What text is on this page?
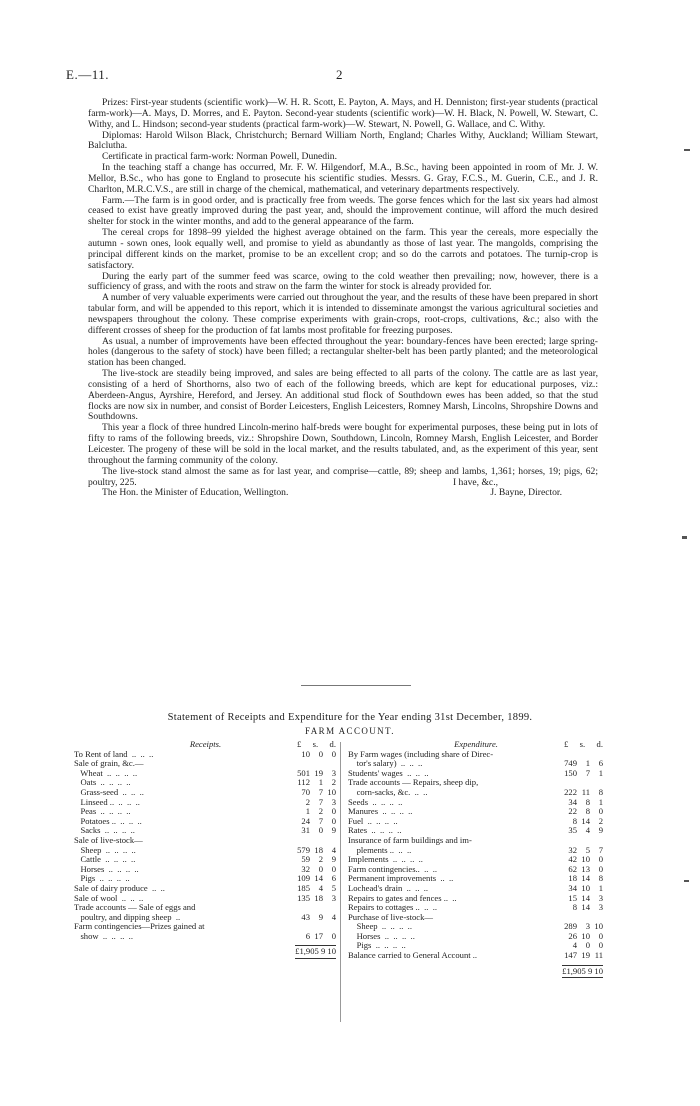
E.—11.	2

Prizes: First-year students (scientific work)—W. H. R. Scott, E. Payton, A. Mays, and H. Denniston; first-year students (practical farm-work)—A. Mays, D. Morres, and E. Payton. Second-year students (scientific work)—W. H. Black, N. Powell, W. Stewart, C. Withy, and L. Hindson; second-year students (practical farm-work)—W. Stewart, N. Powell, G. Wallace, and C. Withy.

Diplomas: Harold Wilson Black, Christchurch; Bernard William North, England; Charles Withy, Auckland; William Stewart, Balclutha.

Certificate in practical farm-work: Norman Powell, Dunedin.

In the teaching staff a change has occurred, Mr. F. W. Hilgendorf, M.A., B.Sc., having been appointed in room of Mr. J. W. Mellor, B.Sc., who has gone to England to prosecute his scientific studies. Messrs. G. Gray, F.C.S., M. Guerin, C.E., and J. R. Charlton, M.R.C.V.S., are still in charge of the chemical, mathematical, and veterinary departments respectively.

Farm.—The farm is in good order, and is practically free from weeds. The gorse fences which for the last six years had almost ceased to exist have greatly improved during the past year, and, should the improvement continue, will afford the much desired shelter for stock in the winter months, and add to the general appearance of the farm.

The cereal crops for 1898–99 yielded the highest average obtained on the farm. This year the cereals, more especially the autumn - sown ones, look equally well, and promise to yield as abundantly as those of last year. The mangolds, comprising the principal different kinds on the market, promise to be an excellent crop; and so do the carrots and potatoes. The turnip-crop is satisfactory.

During the early part of the summer feed was scarce, owing to the cold weather then prevailing; now, however, there is a sufficiency of grass, and with the roots and straw on the farm the winter for stock is already provided for.

A number of very valuable experiments were carried out throughout the year, and the results of these have been prepared in short tabular form, and will be appended to this report, which it is intended to disseminate amongst the various agricultural societies and newspapers throughout the colony. These comprise experiments with grain-crops, root-crops, cultivations, &c.; also with the different crosses of sheep for the production of fat lambs most profitable for freezing purposes.

As usual, a number of improvements have been effected throughout the year: boundary-fences have been erected; large spring-holes (dangerous to the safety of stock) have been filled; a rectangular shelter-belt has been partly planted; and the meteorological station has been changed.

The live-stock are steadily being improved, and sales are being effected to all parts of the colony. The cattle are as last year, consisting of a herd of Shorthorns, also two of each of the following breeds, which are kept for educational purposes, viz.: Aberdeen-Angus, Ayrshire, Hereford, and Jersey. An additional stud flock of Southdown ewes has been added, so that the stud flocks are now six in number, and consist of Border Leicesters, English Leicesters, Romney Marsh, Lincolns, Shropshire Downs and Southdowns.

This year a flock of three hundred Lincoln-merino half-breds were bought for experimental purposes, these being put in lots of fifty to rams of the following breeds, viz.: Shropshire Down, Southdown, Lincoln, Romney Marsh, English Leicester, and Border Leicester. The progeny of these will be sold in the local market, and the results tabulated, and, as the experiment of this year, sent throughout the farming community of the colony.

The live-stock stand almost the same as for last year, and comprise—cattle, 89; sheep and lambs, 1,361; horses, 19; pigs, 62; poultry, 225.	I have, &c.,

The Hon. the Minister of Education, Wellington.	J. Bayne, Director.

Statement of Receipts and Expenditure for the Year ending 31st December, 1899.
FARM ACCOUNT.
Receipts.	£ s. d.
To Rent of land  ..  ..  ..	10	0	0
Sale of grain, &c.—
Wheat  ..  ..  ..  ..	501 19	3
Oats  ..  ..  ..  ..	112	1	2
Grass-seed  ..  ..  ..	70	7 10
Linseed ..  ..  ..  ..	2	7	3
Peas  ..  ..  ..  ..	1	2	0
Potatoes ..  ..  ..  ..	24	7	0
Sacks  ..  ..  ..  ..	31	0	9
Sale of live-stock—
Sheep  ..  ..  ..  ..	579 18	4
Cattle  ..  ..  ..  ..	59	2	9
Horses  ..  ..  ..  ..	32	0	0
Pigs  ..  ..  ..  ..	109 14	6
Sale of dairy produce  ..  ..	185	4	5
Sale of wool  ..  ..  ..	135 18	3
Trade accounts — Sale of eggs and
poultry, and dipping sheep  ..	43	9	4
Farm contingencies—Prizes gained at
show  ..  ..  ..  ..	6 17	0
£1,905 9 10
Expenditure.	£ s. d.
By Farm wages (including share of Direc-
tor's salary)  ..  ..  ..	749	1	6
Students' wages  ..  ..  ..	150	7	1
Trade accounts — Repairs, sheep dip,
corn-sacks, &c.  ..  ..	222 11	8
Seeds  ..  ..  ..  ..	34	8	1
Manures  ..  ..  ..  ..	22	8	0
Fuel  ..  ..  ..  ..	8 14	2
Rates  ..  ..  ..  ..	35	4	9
Insurance of farm buildings and im-
plements ..  ..  ..	32	5	7
Implements  ..  ..  ..  ..	42 10	0
Farm contingencies..  ..  ..	62 13	0
Permanent improvements  ..  ..	18 14	8
Lochead's drain  ..  ..  ..	34 10	1
Repairs to gates and fences ..  ..	15 14	3
Repairs to cottages ..  ..  ..	8 14	3
Purchase of live-stock—
Sheep  ..  ..  ..  ..	289	3 10
Horses  ..  ..  ..  ..	26 10	0
Pigs  ..  ..  ..  ..	4	0	0
Balance carried to General Account ..	147 19 11
£1,905 9 10
